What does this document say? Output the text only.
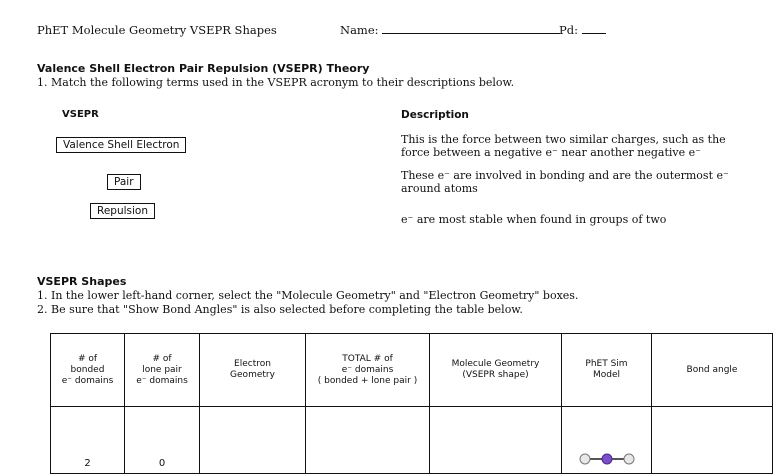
PhET Molecule Geometry VSEPR Shapes	Name:	Pd:
Valence Shell Electron Pair Repulsion (VSEPR) Theory
1. Match the following terms used in the VSEPR acronym to their descriptions below.
VSEPR	Description
Valence Shell Electron
Pair
Repulsion
This is the force between two similar charges, such as the
force between a negative e⁻ near another negative e⁻
These e⁻ are involved in bonding and are the outermost e⁻
around atoms
e⁻ are most stable when found in groups of two
VSEPR Shapes
1. In the lower left-hand corner, select the "Molecule Geometry" and "Electron Geometry" boxes.
2. Be sure that "Show Bond Angles" is also selected before completing the table below.
# of
bonded
e⁻ domains	# of
lone pair
e⁻ domains	Electron
Geometry	TOTAL # of
e⁻ domains
( bonded + lone pair )	Molecule Geometry
(VSEPR shape)	PhET Sim
Model	Bond angle

2	0					
